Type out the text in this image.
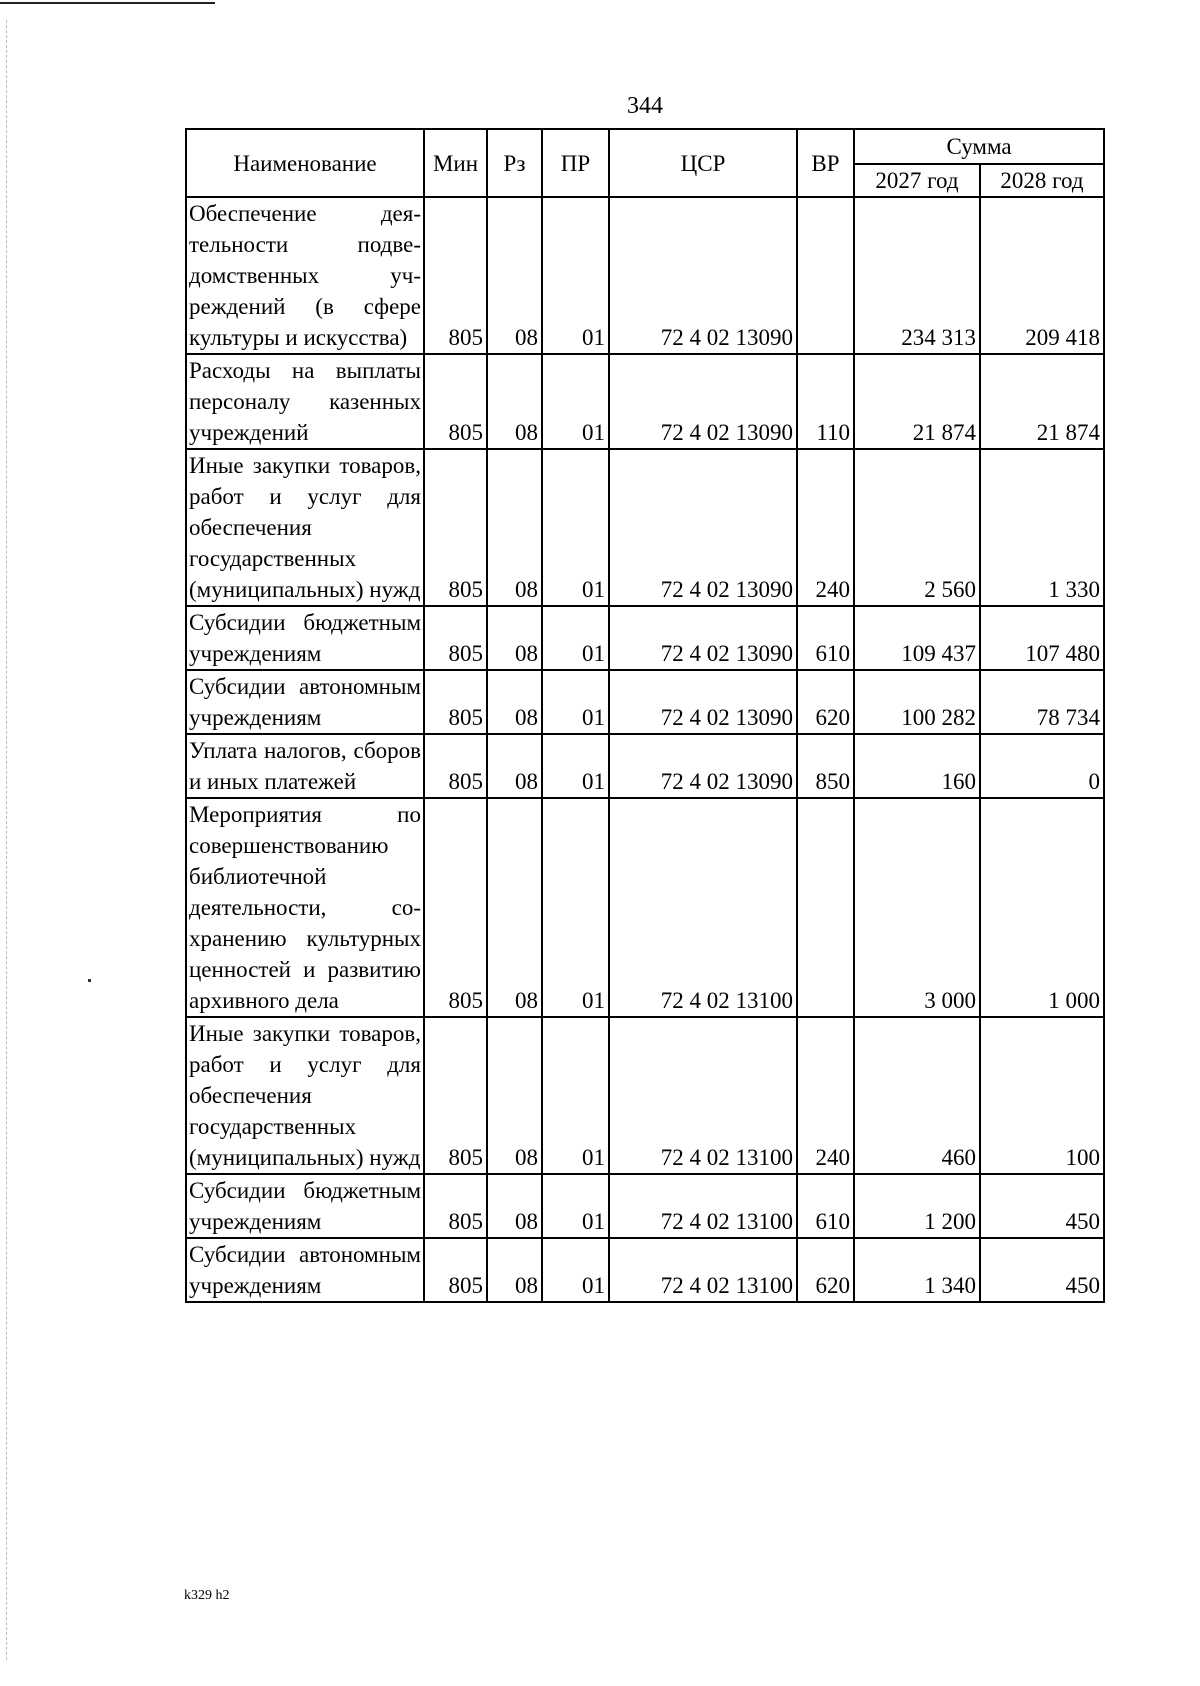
344
Наименование	Мин	Рз	ПР	ЦСР	ВР	Сумма	
						2027 год	2028 год
Обеспечение деятельности подведомственных учреждений (в сфере культуры и искусства)	805	08	01	72 4 02 13090		234 313	209 418
Расходы на выплаты персоналу казенных учреждений	805	08	01	72 4 02 13090	110	21 874	21 874
Иные закупки товаров, работ и услуг для обеспечения государственных (муниципальных) нужд	805	08	01	72 4 02 13090	240	2 560	1 330
Субсидии бюджетным учреждениям	805	08	01	72 4 02 13090	610	109 437	107 480
Субсидии автономным учреждениям	805	08	01	72 4 02 13090	620	100 282	78 734
Уплата налогов, сборов и иных платежей	805	08	01	72 4 02 13090	850	160	0
Мероприятия по совершенствованию библиотечной деятельности, сохранению культурных ценностей и развитию архивного дела	805	08	01	72 4 02 13100		3 000	1 000
Иные закупки товаров, работ и услуг для обеспечения государственных (муниципальных) нужд	805	08	01	72 4 02 13100	240	460	100
Субсидии бюджетным учреждениям	805	08	01	72 4 02 13100	610	1 200	450
Субсидии автономным учреждениям	805	08	01	72 4 02 13100	620	1 340	450
k329 h2
